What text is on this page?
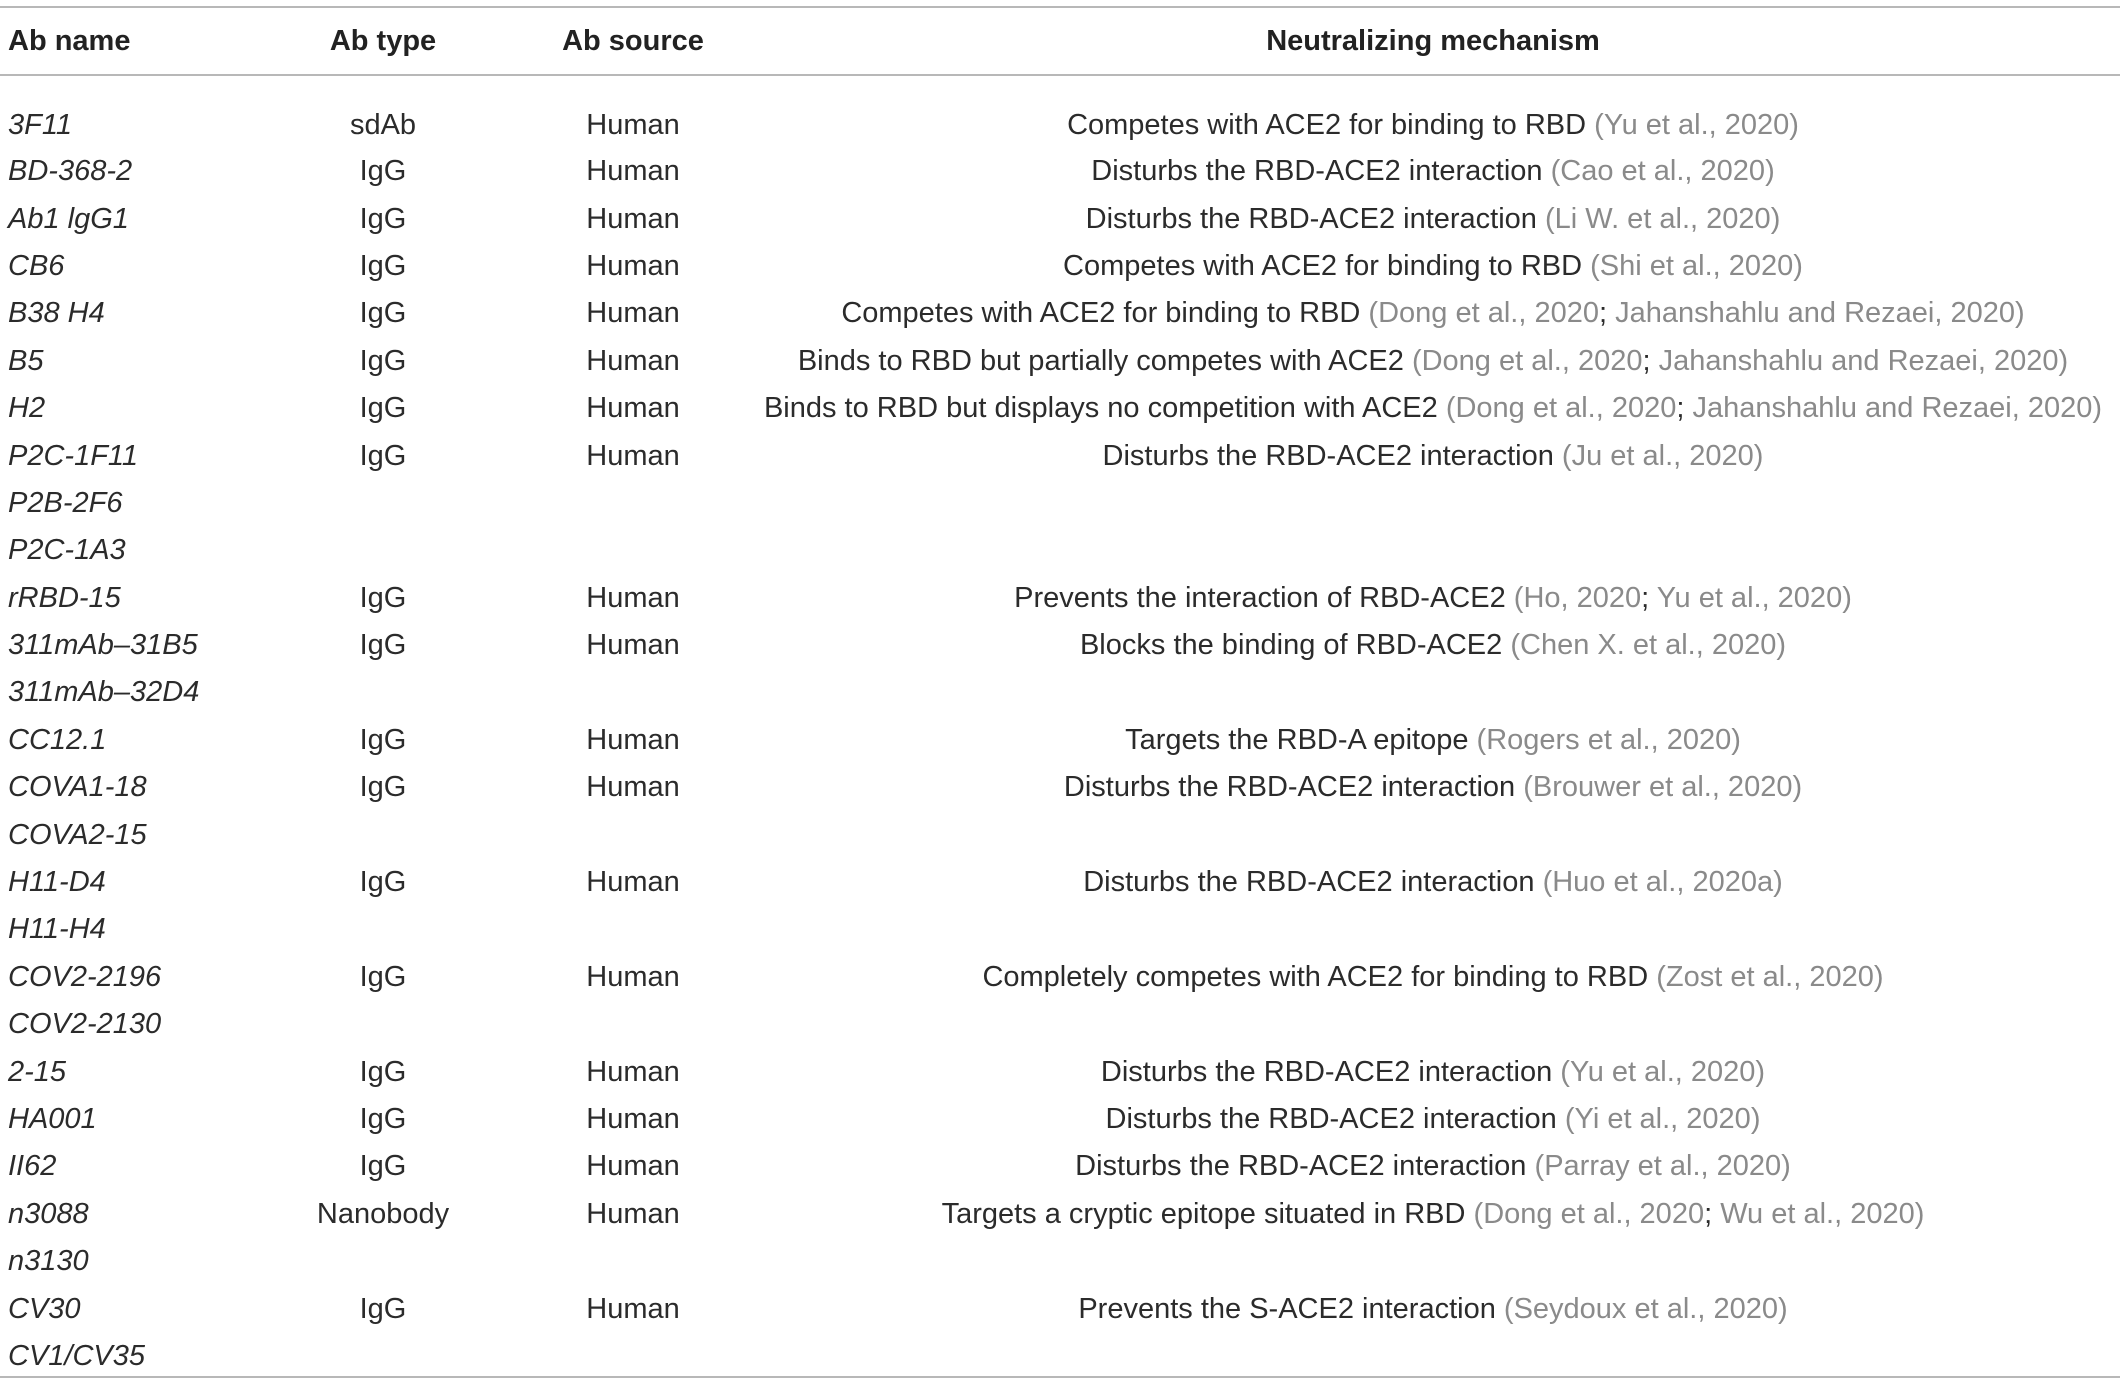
Ab name	Ab type	Ab source	Neutralizing mechanism
3F11	sdAb	Human	Competes with ACE2 for binding to RBD (Yu et al., 2020)
BD-368-2	IgG	Human	Disturbs the RBD-ACE2 interaction (Cao et al., 2020)
Ab1 lgG1	IgG	Human	Disturbs the RBD-ACE2 interaction (Li W. et al., 2020)
CB6	IgG	Human	Competes with ACE2 for binding to RBD (Shi et al., 2020)
B38 H4	IgG	Human	Competes with ACE2 for binding to RBD (Dong et al., 2020; Jahanshahlu and Rezaei, 2020)
B5	IgG	Human	Binds to RBD but partially competes with ACE2 (Dong et al., 2020; Jahanshahlu and Rezaei, 2020)
H2	IgG	Human	Binds to RBD but displays no competition with ACE2 (Dong et al., 2020; Jahanshahlu and Rezaei, 2020)
P2C-1F11	IgG	Human	Disturbs the RBD-ACE2 interaction (Ju et al., 2020)
P2B-2F6			
P2C-1A3			
rRBD-15	IgG	Human	Prevents the interaction of RBD-ACE2 (Ho, 2020; Yu et al., 2020)
311mAb–31B5	IgG	Human	Blocks the binding of RBD-ACE2 (Chen X. et al., 2020)
311mAb–32D4			
CC12.1	IgG	Human	Targets the RBD-A epitope (Rogers et al., 2020)
COVA1-18	IgG	Human	Disturbs the RBD-ACE2 interaction (Brouwer et al., 2020)
COVA2-15			
H11-D4	IgG	Human	Disturbs the RBD-ACE2 interaction (Huo et al., 2020a)
H11-H4			
COV2-2196	IgG	Human	Completely competes with ACE2 for binding to RBD (Zost et al., 2020)
COV2-2130			
2-15	IgG	Human	Disturbs the RBD-ACE2 interaction (Yu et al., 2020)
HA001	IgG	Human	Disturbs the RBD-ACE2 interaction (Yi et al., 2020)
II62	IgG	Human	Disturbs the RBD-ACE2 interaction (Parray et al., 2020)
n3088	Nanobody	Human	Targets a cryptic epitope situated in RBD (Dong et al., 2020; Wu et al., 2020)
n3130			
CV30	IgG	Human	Prevents the S-ACE2 interaction (Seydoux et al., 2020)
CV1/CV35			
